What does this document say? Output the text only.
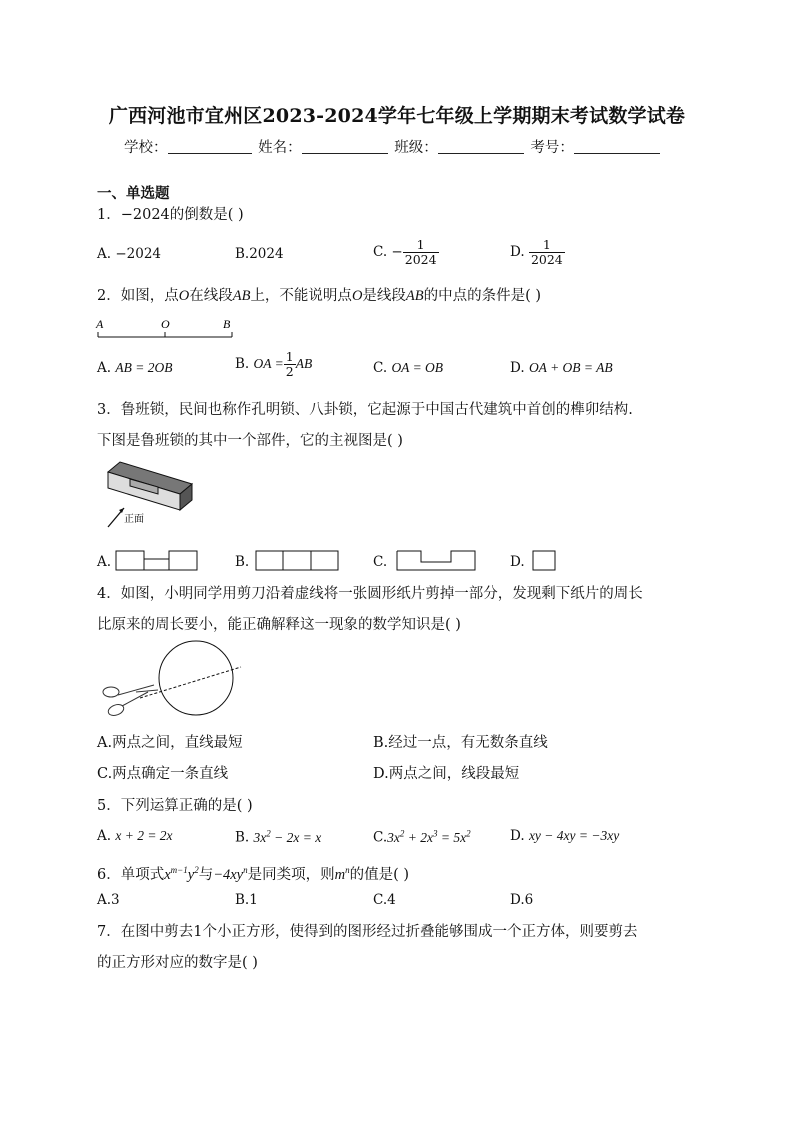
广西河池市宜州区2023-2024学年七年级上学期期末考试数学试卷
学校：	姓名：	班级：	考号：
一、单选题
1．−2024的倒数是( )
A. −2024	B.2024	C. − $\frac{1}{2024}$	D. $\frac{1}{2024}$
2．如图，点O在线段AB上，不能说明点O是线段AB的中点的条件是( )
A	O	B
A. AB = 2OB	B. OA = $\frac{1}{2}$ AB	C. OA = OB	D. OA + OB = AB
3．鲁班锁，民间也称作孔明锁、八卦锁，它起源于中国古代建筑中首创的榫卯结构.
下图是鲁班锁的其中一个部件，它的主视图是( )
正面
A.	B.	C.	D.
4．如图，小明同学用剪刀沿着虚线将一张圆形纸片剪掉一部分，发现剩下纸片的周长
比原来的周长要小，能正确解释这一现象的数学知识是( )
A.两点之间，直线最短	B.经过一点，有无数条直线
C.两点确定一条直线	D.两点之间，线段最短
5．下列运算正确的是( )
A. x + 2 = 2x	B. $3x^2 - 2x = x$	$C.3x^2 + 2x^3 = 5x^2$	D. xy − 4xy = −3xy
6．单项式$x^{m-1}y^2$与$-4xy^n$是同类项，则$m^n$的值是( )
A.3	B.1	C.4	D.6
7．在图中剪去1个小正方形，使得到的图形经过折叠能够围成一个正方体，则要剪去
的正方形对应的数字是( )
